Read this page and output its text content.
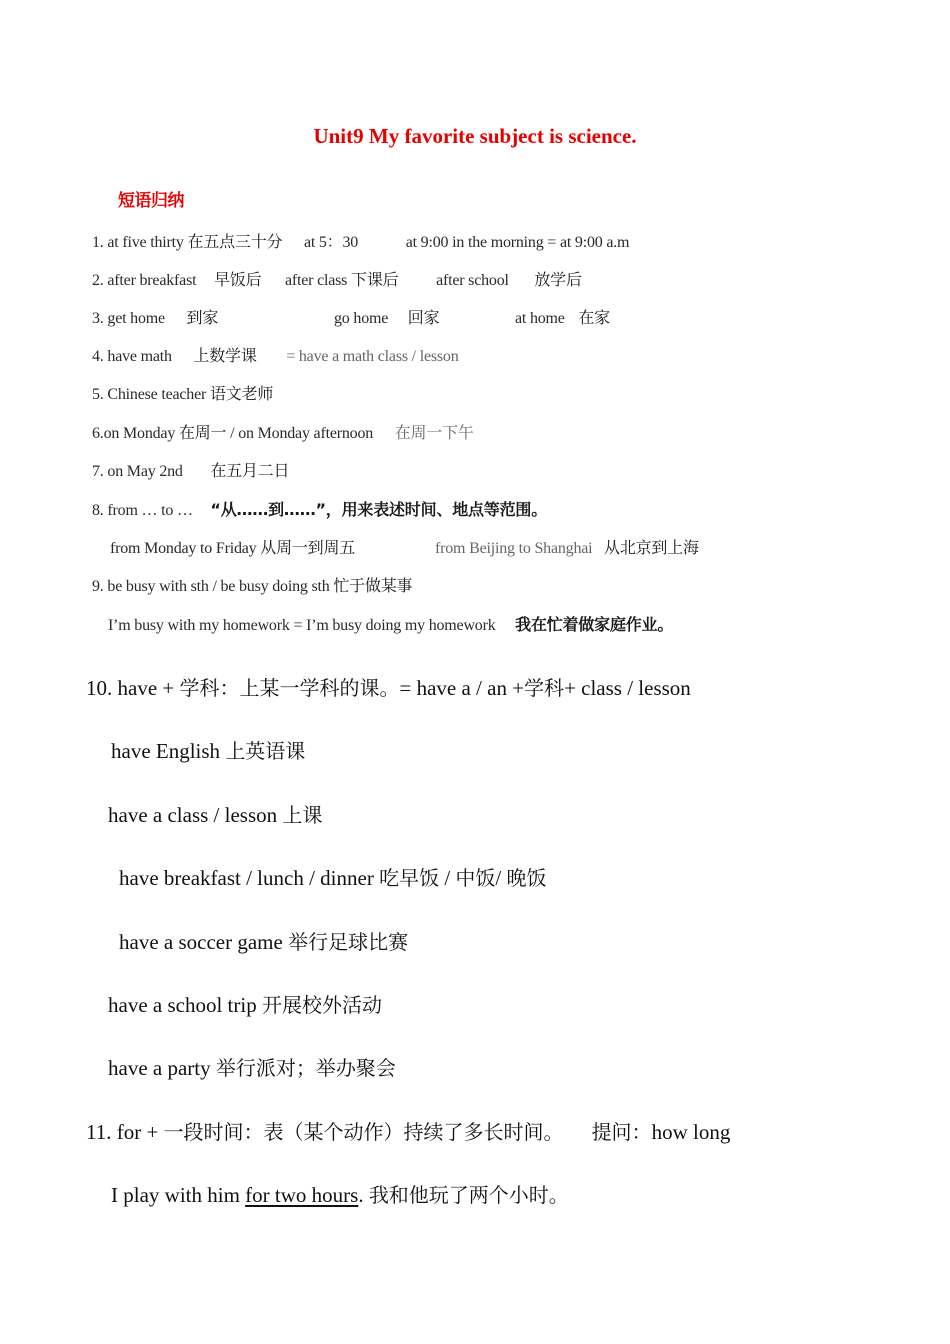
Unit9 My favorite subject is science.
短语归纳
1. at five thirty 在五点三十分 at 5：30	at 9:00 in the morning = at 9:00 a.m
2. after breakfast 早饭后 after class 下课后 after school 放学后
3. get home 到家	go home 回家	at home 在家
4. have math 上数学课 = have a math class / lesson
5. Chinese teacher 语文老师
6.on Monday 在周一 / on Monday afternoon 在周一下午
7. on May 2nd 在五月二日
8. from … to … “从……到……”，用来表述时间、地点等范围。
from Monday to Friday 从周一到周五	from Beijing to Shanghai 从北京到上海
9. be busy with sth / be busy doing sth 忙于做某事
I’m busy with my homework = I’m busy doing my homework 我在忙着做家庭作业。
10. have + 学科：上某一学科的课。= have a / an +学科+ class / lesson
have English 上英语课
have a class / lesson 上课
have breakfast / lunch / dinner 吃早饭 / 中饭/ 晚饭
have a soccer game 举行足球比赛
have a school trip 开展校外活动
have a party 举行派对；举办聚会
11. for + 一段时间：表（某个动作）持续了多长时间。 提问：how long
I play with him for two hours. 我和他玩了两个小时。
